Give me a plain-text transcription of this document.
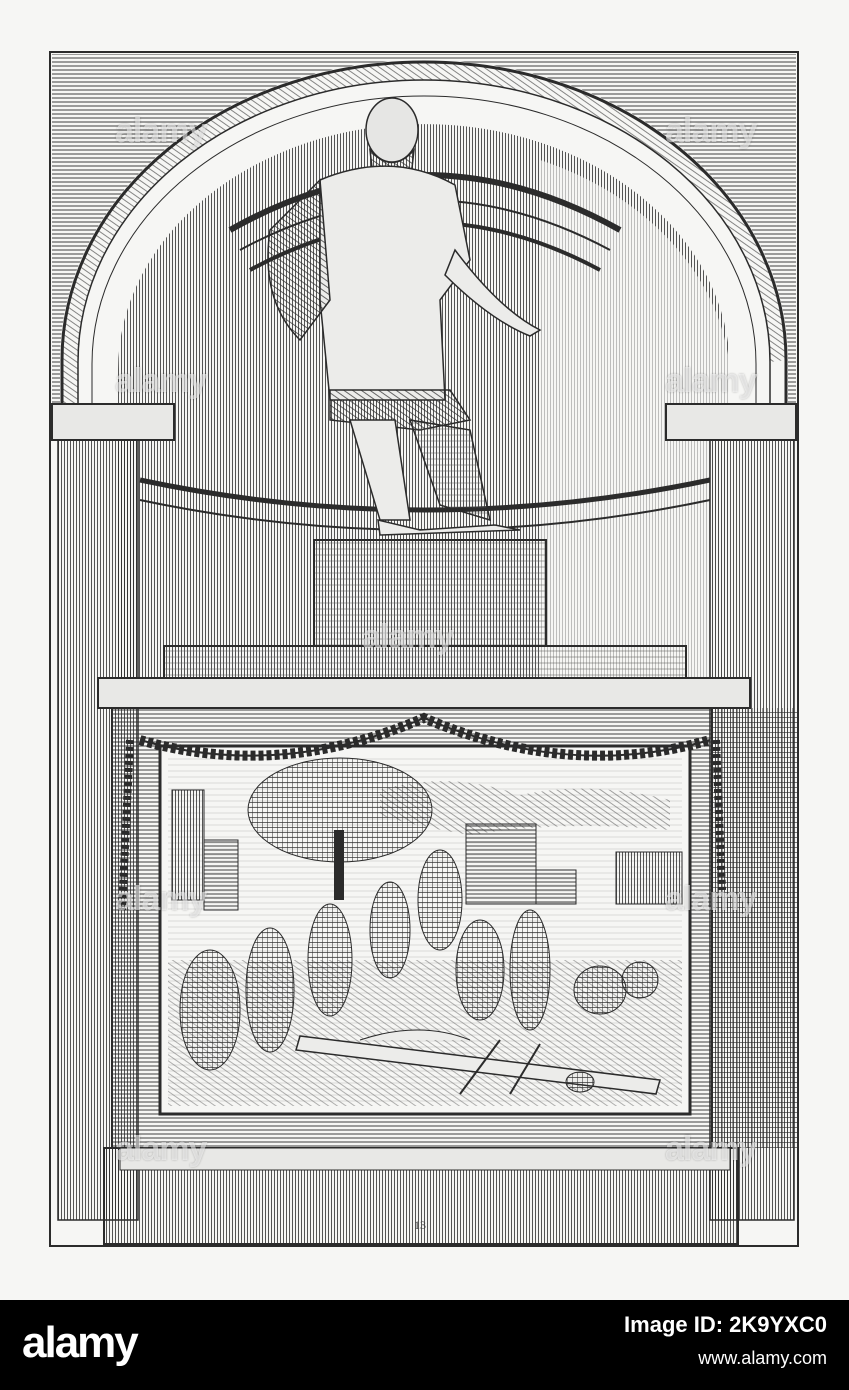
13
alamy	alamy
alamy	alamy
alamy
alamy	alamy
alamy	alamy
alamy	Image ID: 2K9YXC0
www.alamy.com
